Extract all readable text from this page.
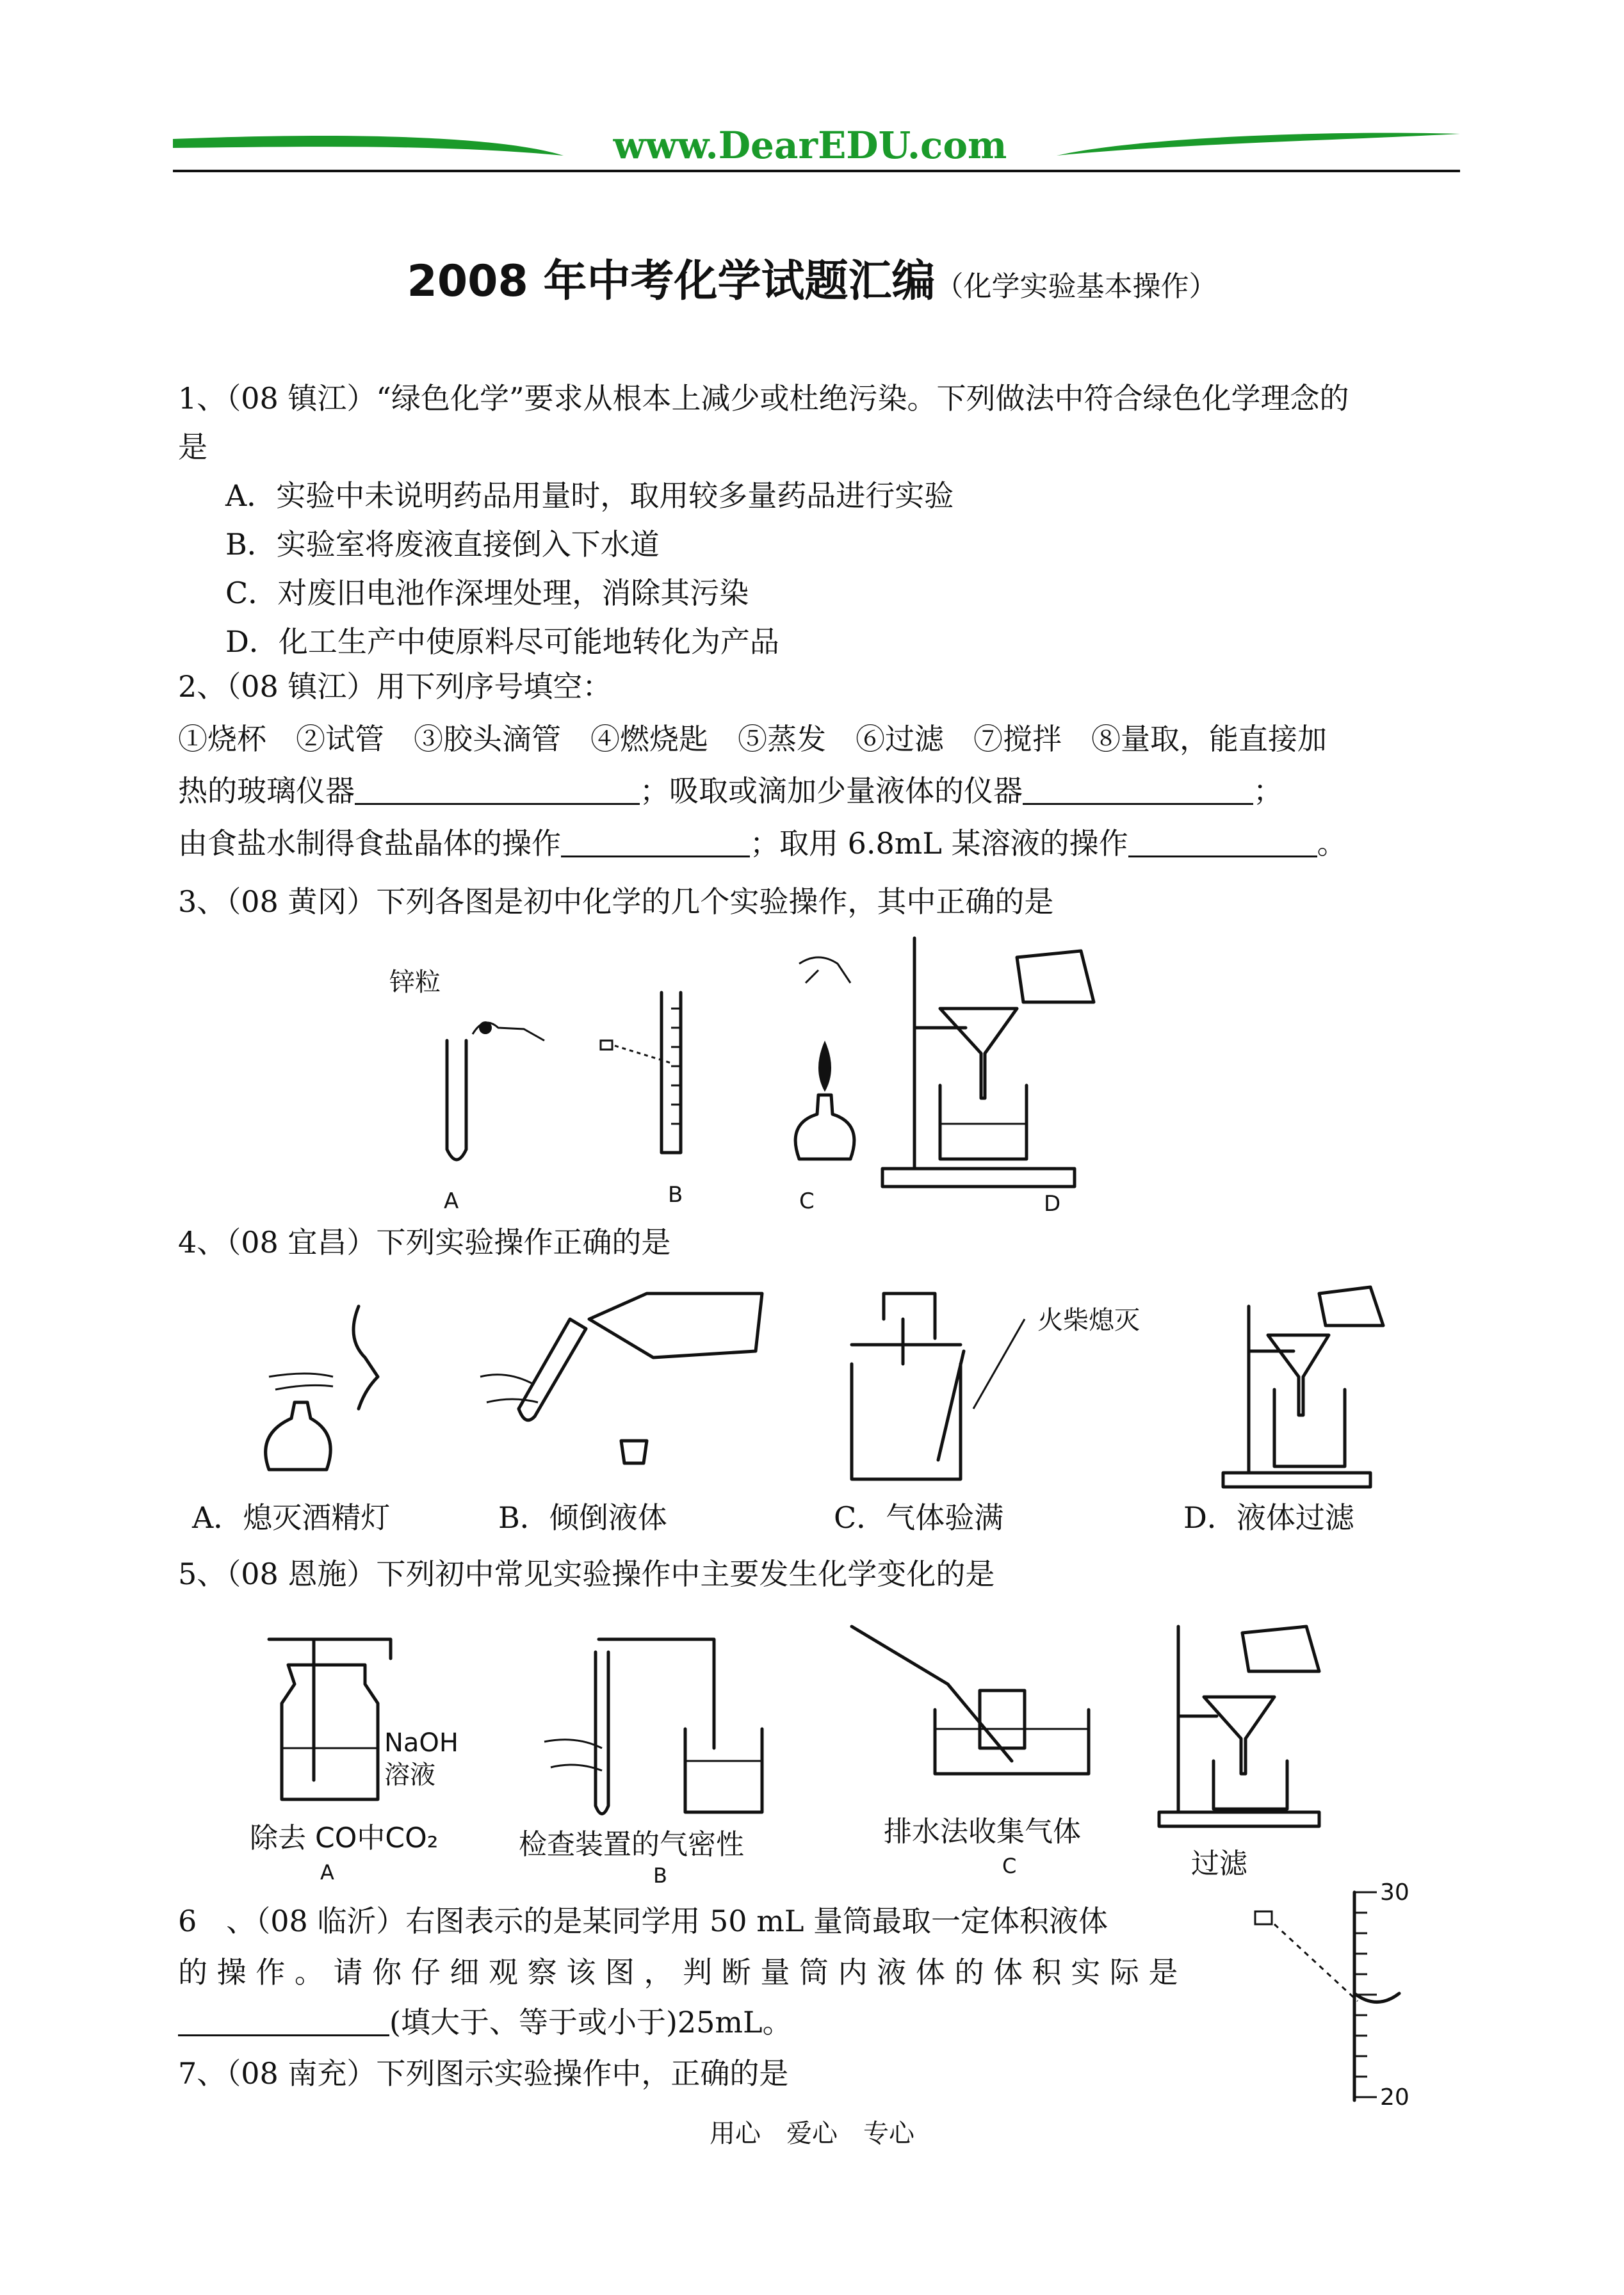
www.DearEDU.com
2008 年中考化学试题汇编（化学实验基本操作）
1、（08 镇江）“绿色化学”要求从根本上减少或杜绝污染。下列做法中符合绿色化学理念的
是
A．实验中未说明药品用量时，取用较多量药品进行实验
B．实验室将废液直接倒入下水道
C．对废旧电池作深埋处理，消除其污染
D．化工生产中使原料尽可能地转化为产品
2、（08 镇江）用下列序号填空：
①烧杯　②试管　③胶头滴管　④燃烧匙　⑤蒸发　⑥过滤　⑦搅拌　⑧量取，能直接加
热的玻璃仪器	；吸取或滴加少量液体的仪器	；
由食盐水制得食盐晶体的操作	；取用 6.8mL 某溶液的操作	。
3、（08 黄冈）下列各图是初中化学的几个实验操作，其中正确的是
锌粒
A	B	C	D
4、（08 宜昌）下列实验操作正确的是
火柴熄灭
A．熄灭酒精灯	B．倾倒液体	C．气体验满	D．液体过滤
5、（08 恩施）下列初中常见实验操作中主要发生化学变化的是
NaOH
溶液
除去 CO中CO₂
A
检查装置的气密性
B
排水法收集气体
C	过滤
6　、（08 临沂）右图表示的是某同学用 50 mL 量筒最取一定体积液体
的 操 作 。 请 你 仔 细 观 察 该 图 ， 判 断 量 筒 内 液 体 的 体 积 实 际 是
(填大于、等于或小于)25mL。
30
20
7、（08 南充）下列图示实验操作中，正确的是
用心　爱心　专心
